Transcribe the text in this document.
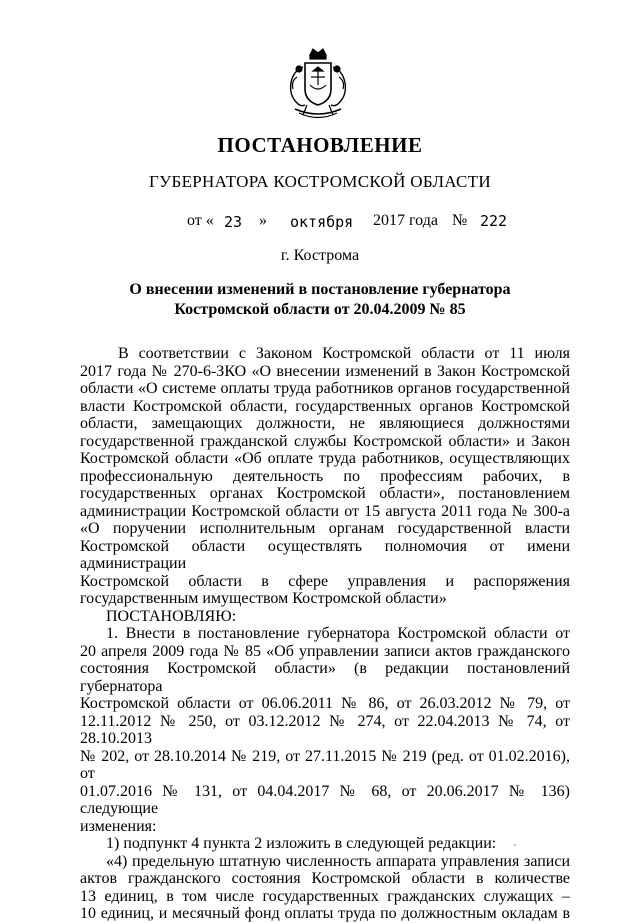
ПОСТАНОВЛЕНИЕ
ГУБЕРНАТОРА КОСТРОМСКОЙ ОБЛАСТИ
от « 23 » октября 2017 года № 222
г. Кострома
О внесении изменений в постановление губернатора
Костромской области от 20.04.2009 № 85

В соответствии с Законом Костромской области от 11 июля

2017 года № 270-6-ЗКО «О внесении изменений в Закон Костромской

области «О системе оплаты труда работников органов государственной

власти Костромской области, государственных органов Костромской

области, замещающих должности, не являющиеся должностями

государственной гражданской службы Костромской области» и Закон

Костромской области «Об оплате труда работников, осуществляющих

профессиональную деятельность по профессиям рабочих, в

государственных органах Костромской области», постановлением

администрации Костромской области от 15 августа 2011 года № 300-а

«О поручении исполнительным органам государственной власти

Костромской области осуществлять полномочия от имени администрации

Костромской области в сфере управления и распоряжения

государственным имуществом Костромской области»

ПОСТАНОВЛЯЮ:

1. Внести в постановление губернатора Костромской области от

20 апреля 2009 года № 85 «Об управлении записи актов гражданского

состояния Костромской области» (в редакции постановлений губернатора

Костромской области от 06.06.2011 № 86, от 26.03.2012 № 79, от

12.11.2012 № 250, от 03.12.2012 № 274, от 22.04.2013 № 74, от 28.10.2013

№ 202, от 28.10.2014 № 219, от 27.11.2015 № 219 (ред. от 01.02.2016), от

01.07.2016 № 131, от 04.04.2017 № 68, от 20.06.2017 № 136) следующие

изменения:

1) подпункт 4 пункта 2 изложить в следующей редакции:

«4) предельную штатную численность аппарата управления записи

актов гражданского состояния Костромской области в количестве

13 единиц, в том числе государственных гражданских служащих –

10 единиц, и месячный фонд оплаты труда по должностным окладам в
